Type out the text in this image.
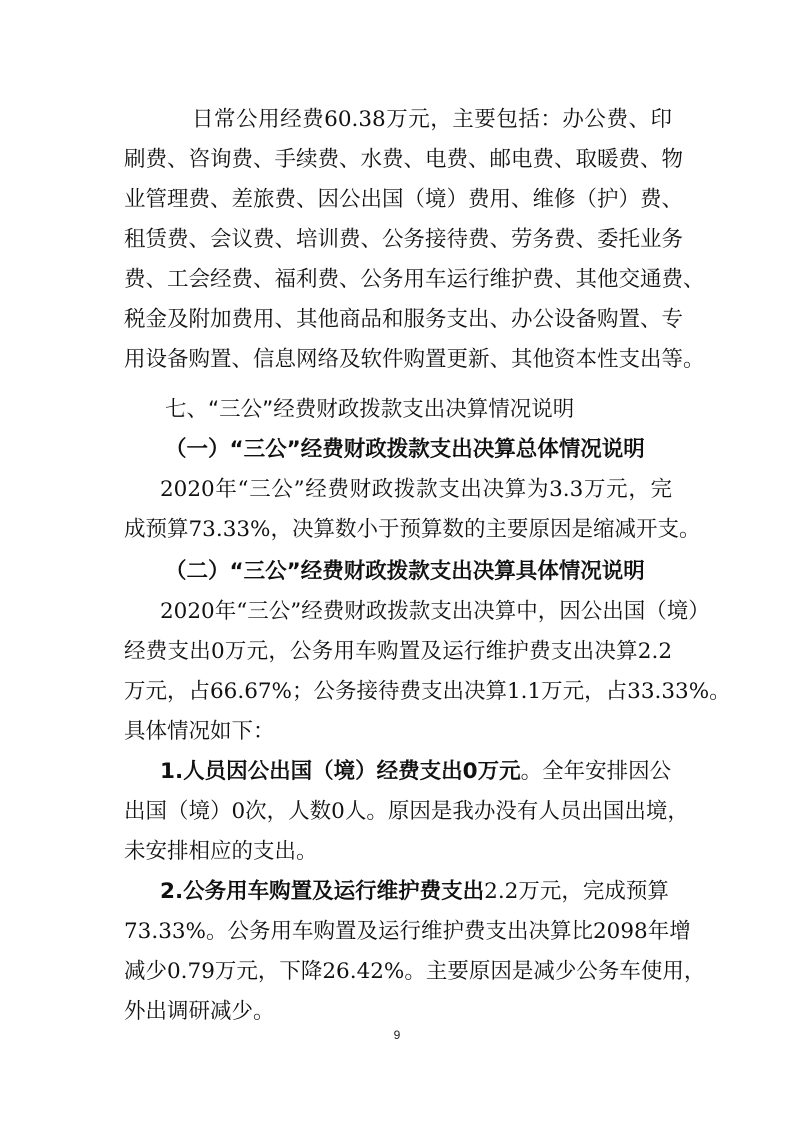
日常公用经费60.38万元，主要包括：办公费、印
刷费、咨询费、手续费、水费、电费、邮电费、取暖费、物
业管理费、差旅费、因公出国（境）费用、维修（护）费、
租赁费、会议费、培训费、公务接待费、劳务费、委托业务
费、工会经费、福利费、公务用车运行维护费、其他交通费、
税金及附加费用、其他商品和服务支出、办公设备购置、专
用设备购置、信息网络及软件购置更新、其他资本性支出等。
七、“三公”经费财政拨款支出决算情况说明
（一）“三公”经费财政拨款支出决算总体情况说明
2020年“三公”经费财政拨款支出决算为3.3万元，完
成预算73.33%，决算数小于预算数的主要原因是缩减开支。
（二）“三公”经费财政拨款支出决算具体情况说明
2020年“三公”经费财政拨款支出决算中，因公出国（境）
经费支出0万元，公务用车购置及运行维护费支出决算2.2
万元，占66.67%；公务接待费支出决算1.1万元，占33.33%。
具体情况如下：
1.人员因公出国（境）经费支出0万元。全年安排因公
出国（境）0次，人数0人。原因是我办没有人员出国出境，
未安排相应的支出。
2.公务用车购置及运行维护费支出2.2万元，完成预算
73.33%。公务用车购置及运行维护费支出决算比2098年增
减少0.79万元，下降26.42%。主要原因是减少公务车使用，
外出调研减少。
9
